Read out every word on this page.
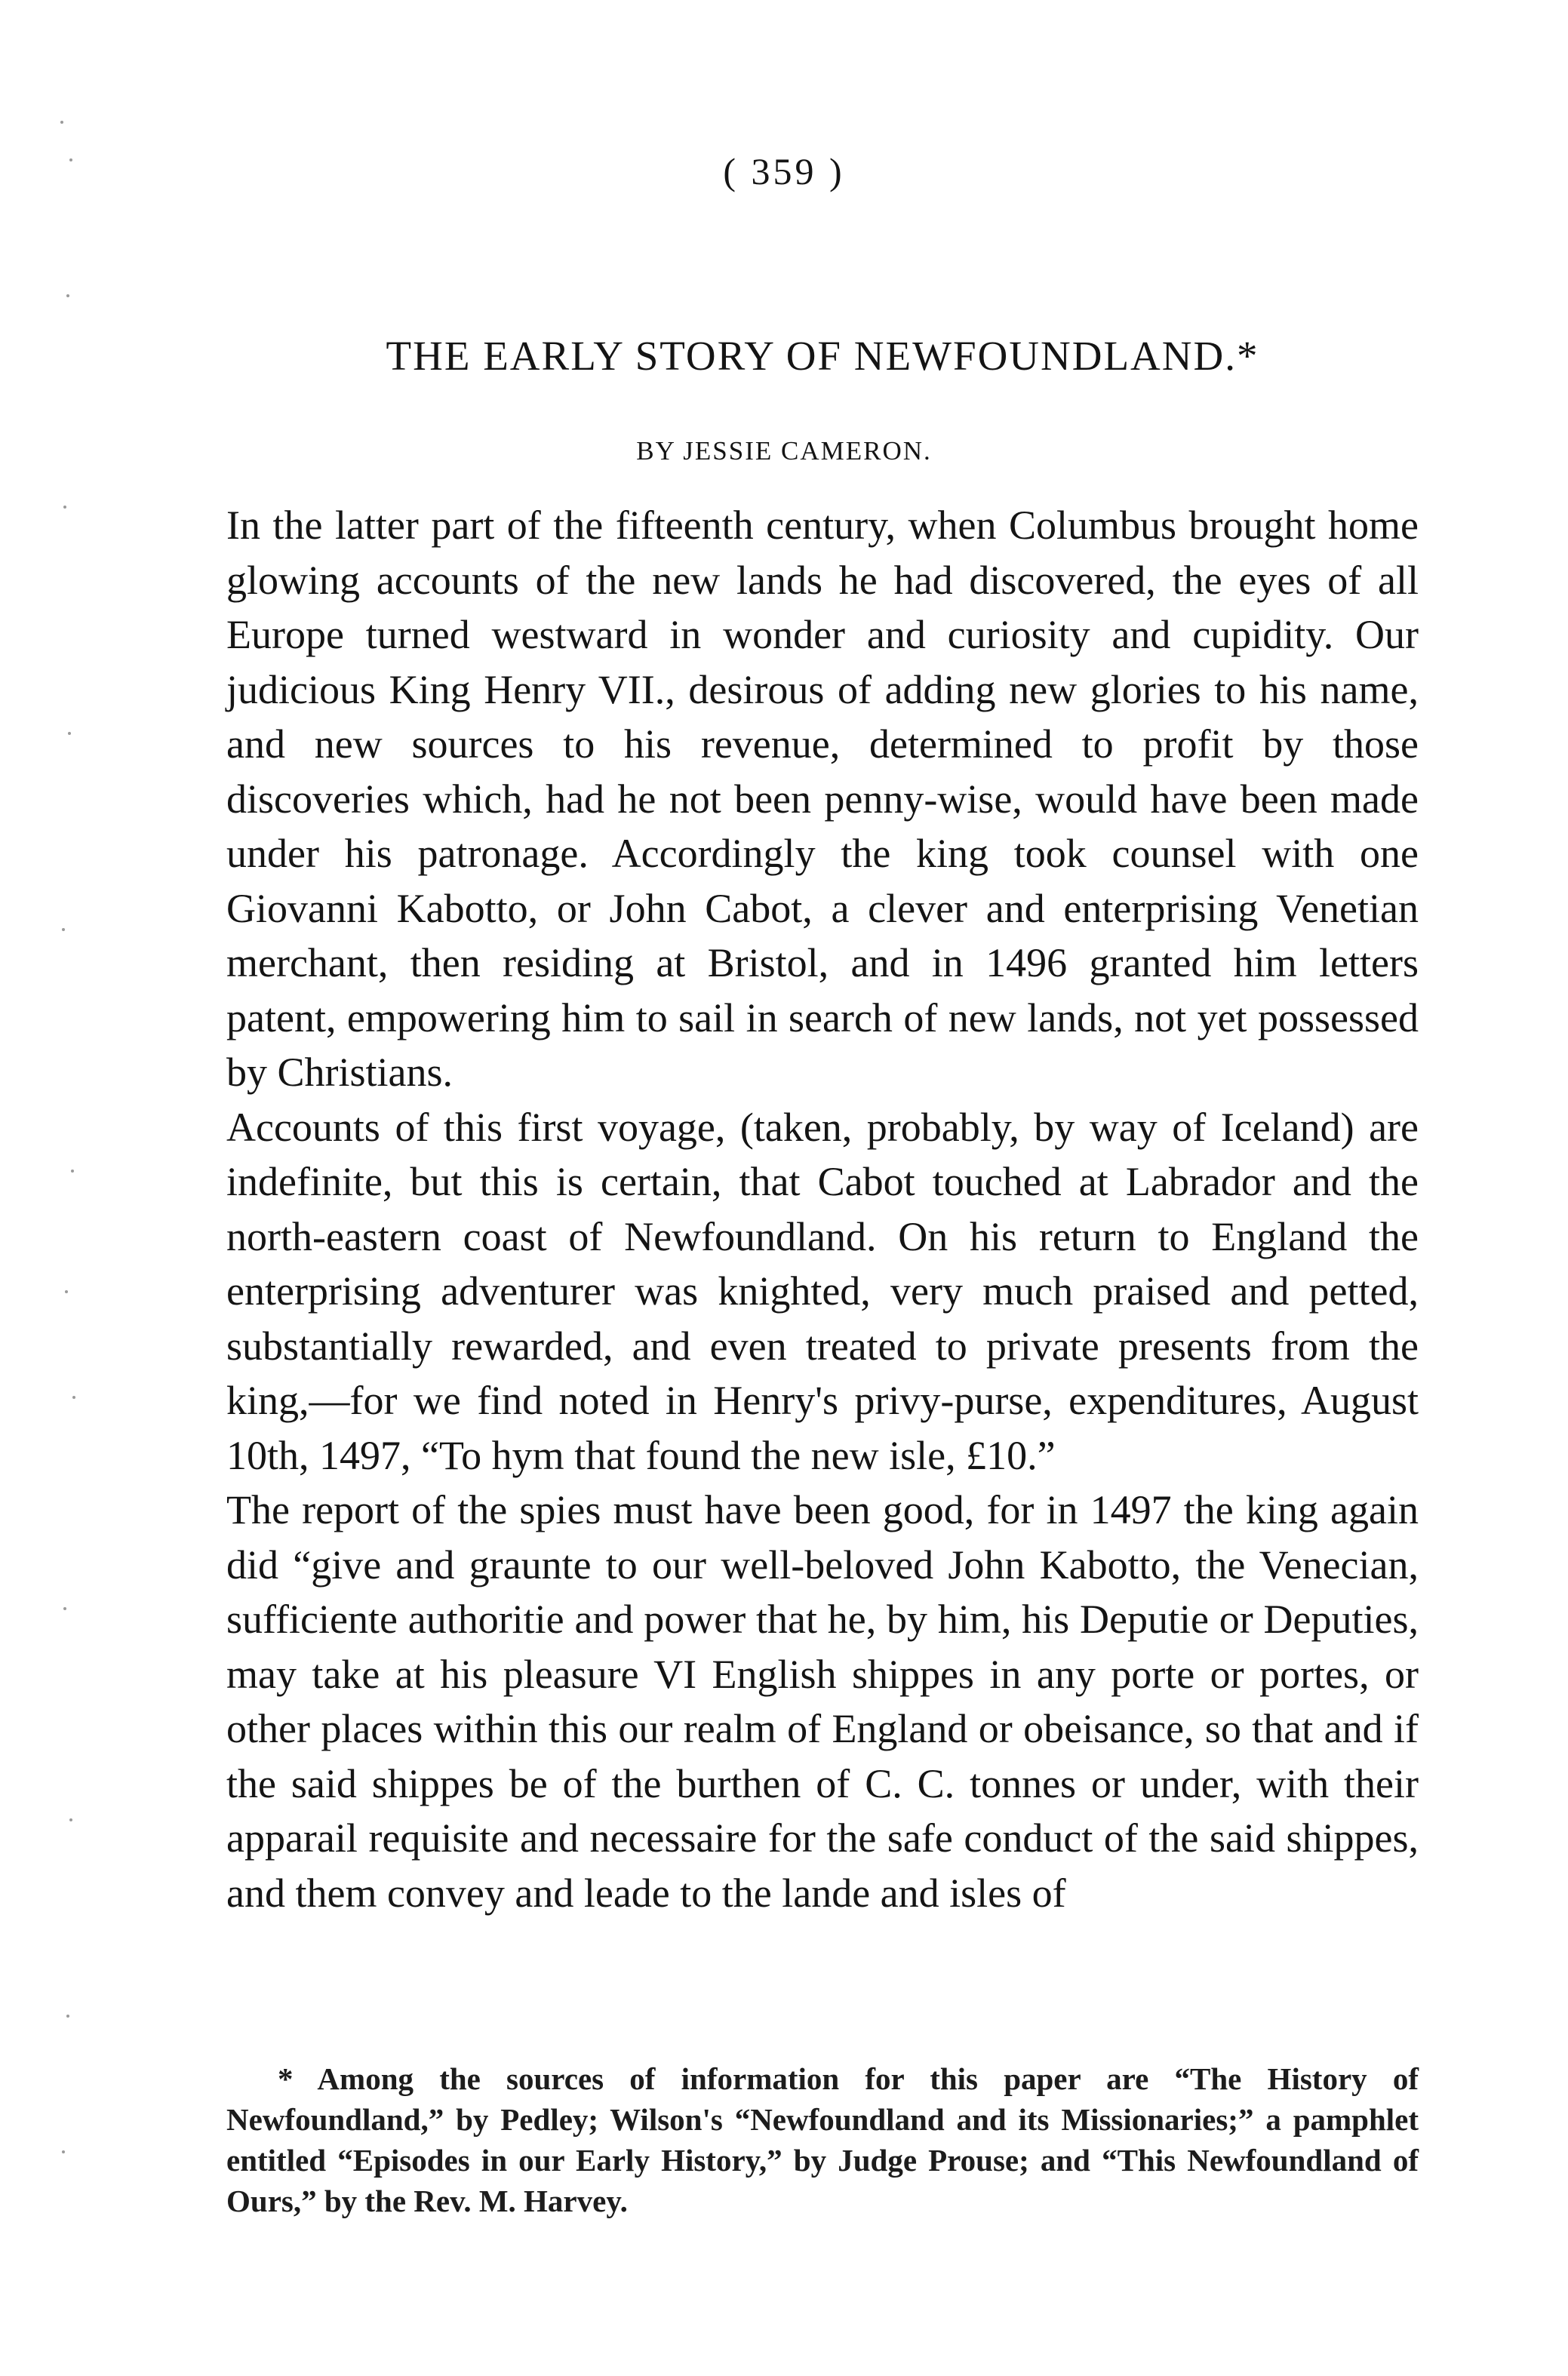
( 359 )
THE EARLY STORY OF NEWFOUNDLAND.*
BY JESSIE CAMERON.

In the latter part of the fifteenth century, when Columbus brought home glowing accounts of the new lands he had discovered, the eyes of all Europe turned westward in wonder and curiosity and cupidity. Our judicious King Henry VII., desirous of adding new glories to his name, and new sources to his revenue, determined to profit by those discoveries which, had he not been penny-wise, would have been made under his patronage. Accordingly the king took counsel with one Giovanni Kabotto, or John Cabot, a clever and enterprising Venetian merchant, then residing at Bristol, and in 1496 granted him letters patent, empowering him to sail in search of new lands, not yet possessed by Christians.

Accounts of this first voyage, (taken, probably, by way of Iceland) are indefinite, but this is certain, that Cabot touched at Labrador and the north-eastern coast of Newfoundland. On his return to England the enterprising adventurer was knighted, very much praised and petted, substantially rewarded, and even treated to private presents from the king,—for we find noted in Henry's privy-purse, expenditures, August 10th, 1497, “To hym that found the new isle, £10.”

The report of the spies must have been good, for in 1497 the king again did “give and graunte to our well-beloved John Kabotto, the Venecian, sufficiente authoritie and power that he, by him, his Deputie or Deputies, may take at his pleasure VI English shippes in any porte or portes, or other places within this our realm of England or obeisance, so that and if the said shippes be of the burthen of C. C. tonnes or under, with their apparail requisite and necessaire for the safe conduct of the said shippes, and them convey and leade to the lande and isles of

* Among the sources of information for this paper are “The History of Newfoundland,” by Pedley; Wilson's “Newfoundland and its Missionaries;” a pamphlet entitled “Episodes in our Early History,” by Judge Prouse; and “This Newfoundland of Ours,” by the Rev. M. Harvey.
